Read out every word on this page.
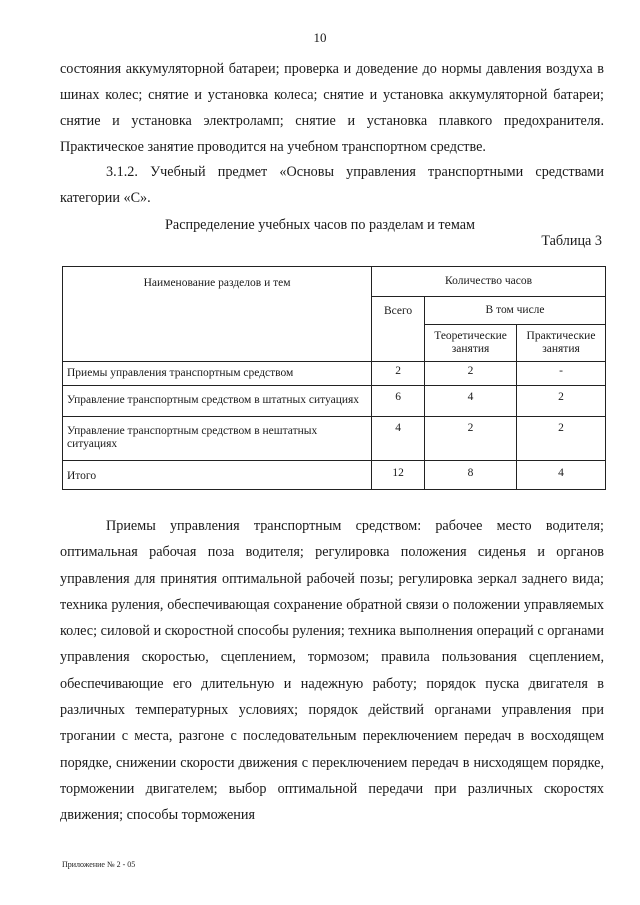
10

состояния аккумуляторной батареи; проверка и доведение до нормы давления воздуха в шинах колес; снятие и установка колеса; снятие и установка аккумуляторной батареи; снятие и установка электроламп; снятие и установка плавкого предохранителя. Практическое занятие проводится на учебном транспортном средстве.

3.1.2. Учебный предмет «Основы управления транспортными средствами категории «С».

Распределение учебных часов по разделам и темам
Таблица 3
Наименование разделов и тем	Количество часов		
	Всего	В том числе	
		Теоретические занятия	Практические занятия
Приемы управления транспортным средством	2	2	-
Управление транспортным средством в штатных ситуациях	6	4	2
Управление транспортным средством в нештатных ситуациях	4	2	2
Итого	12	8	4

Приемы управления транспортным средством: рабочее место водителя; оптимальная рабочая поза водителя; регулировка положения сиденья и органов управления для принятия оптимальной рабочей позы; регулировка зеркал заднего вида; техника руления, обеспечивающая сохранение обратной связи о положении управляемых колес; силовой и скоростной способы руления; техника выполнения операций с органами управления скоростью, сцеплением, тормозом; правила пользования сцеплением, обеспечивающие его длительную и надежную работу; порядок пуска двигателя в различных температурных условиях; порядок действий органами управления при трогании с места, разгоне с последовательным переключением передач в восходящем порядке, снижении скорости движения с переключением передач в нисходящем порядке, торможении двигателем; выбор оптимальной передачи при различных скоростях движения; способы торможения

Приложение № 2 - 05
